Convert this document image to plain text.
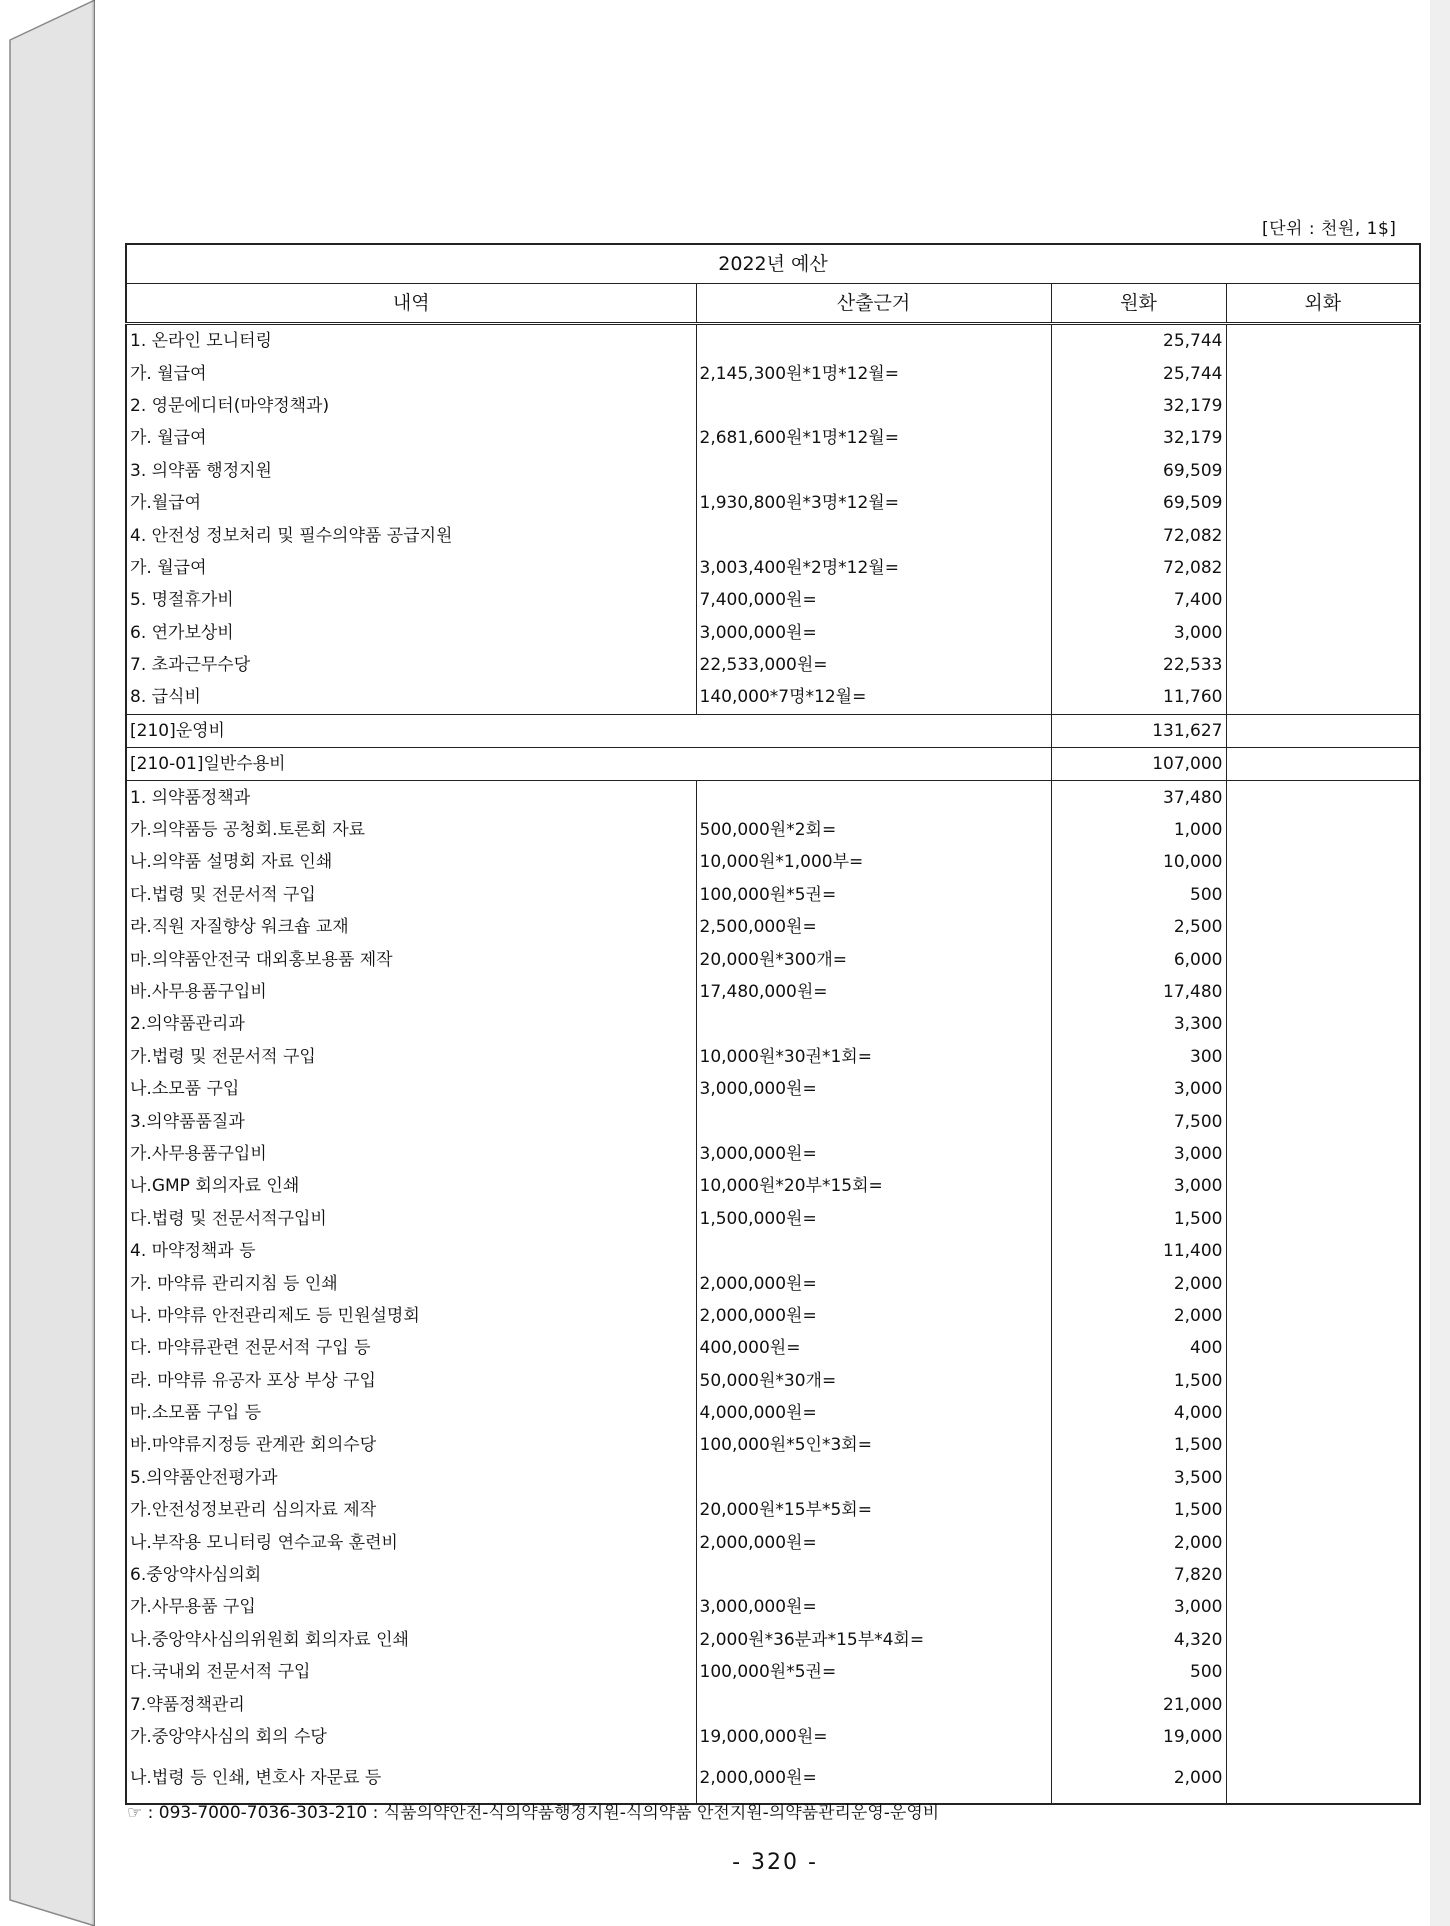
[단위 : 천원, 1$]
2022년 예산			
내역	산출근거	원화	외화
1. 온라인 모니터링		25,744	
가. 월급여	2,145,300원*1명*12월=	25,744	
2. 영문에디터(마약정책과)		32,179	
가. 월급여	2,681,600원*1명*12월=	32,179	
3. 의약품 행정지원		69,509	
가.월급여	1,930,800원*3명*12월=	69,509	
4. 안전성 정보처리 및 필수의약품 공급지원		72,082	
가. 월급여	3,003,400원*2명*12월=	72,082	
5. 명절휴가비	7,400,000원=	7,400	
6. 연가보상비	3,000,000원=	3,000	
7. 초과근무수당	22,533,000원=	22,533	
8. 급식비	140,000*7명*12월=	11,760	
[210]운영비		131,627	
[210-01]일반수용비		107,000	
1. 의약품정책과		37,480	
가.의약품등 공청회.토론회 자료	500,000원*2회=	1,000	
나.의약품 설명회 자료 인쇄	10,000원*1,000부=	10,000	
다.법령 및 전문서적 구입	100,000원*5권=	500	
라.직원 자질향상 워크숍 교재	2,500,000원=	2,500	
마.의약품안전국 대외홍보용품 제작	20,000원*300개=	6,000	
바.사무용품구입비	17,480,000원=	17,480	
2.의약품관리과		3,300	
가.법령 및 전문서적 구입	10,000원*30권*1회=	300	
나.소모품 구입	3,000,000원=	3,000	
3.의약품품질과		7,500	
가.사무용품구입비	3,000,000원=	3,000	
나.GMP 회의자료 인쇄	10,000원*20부*15회=	3,000	
다.법령 및 전문서적구입비	1,500,000원=	1,500	
4. 마약정책과 등		11,400	
가. 마약류 관리지침 등 인쇄	2,000,000원=	2,000	
나. 마약류 안전관리제도 등 민원설명회	2,000,000원=	2,000	
다. 마약류관련 전문서적 구입 등	400,000원=	400	
라. 마약류 유공자 포상 부상 구입	50,000원*30개=	1,500	
마.소모품 구입 등	4,000,000원=	4,000	
바.마약류지정등 관계관 회의수당	100,000원*5인*3회=	1,500	
5.의약품안전평가과		3,500	
가.안전성정보관리 심의자료 제작	20,000원*15부*5회=	1,500	
나.부작용 모니터링 연수교육 훈련비	2,000,000원=	2,000	
6.중앙약사심의회		7,820	
가.사무용품 구입	3,000,000원=	3,000	
나.중앙약사심의위원회 회의자료 인쇄	2,000원*36분과*15부*4회=	4,320	
다.국내외 전문서적 구입	100,000원*5권=	500	
7.약품정책관리		21,000	
가.중앙약사심의 회의 수당	19,000,000원=	19,000	
나.법령 등 인쇄, 변호사 자문료 등	2,000,000원=	2,000	
☞ : 093-7000-7036-303-210 : 식품의약안전-식의약품행정지원-식의약품 안전지원-의약품관리운영-운영비
- 320 -
